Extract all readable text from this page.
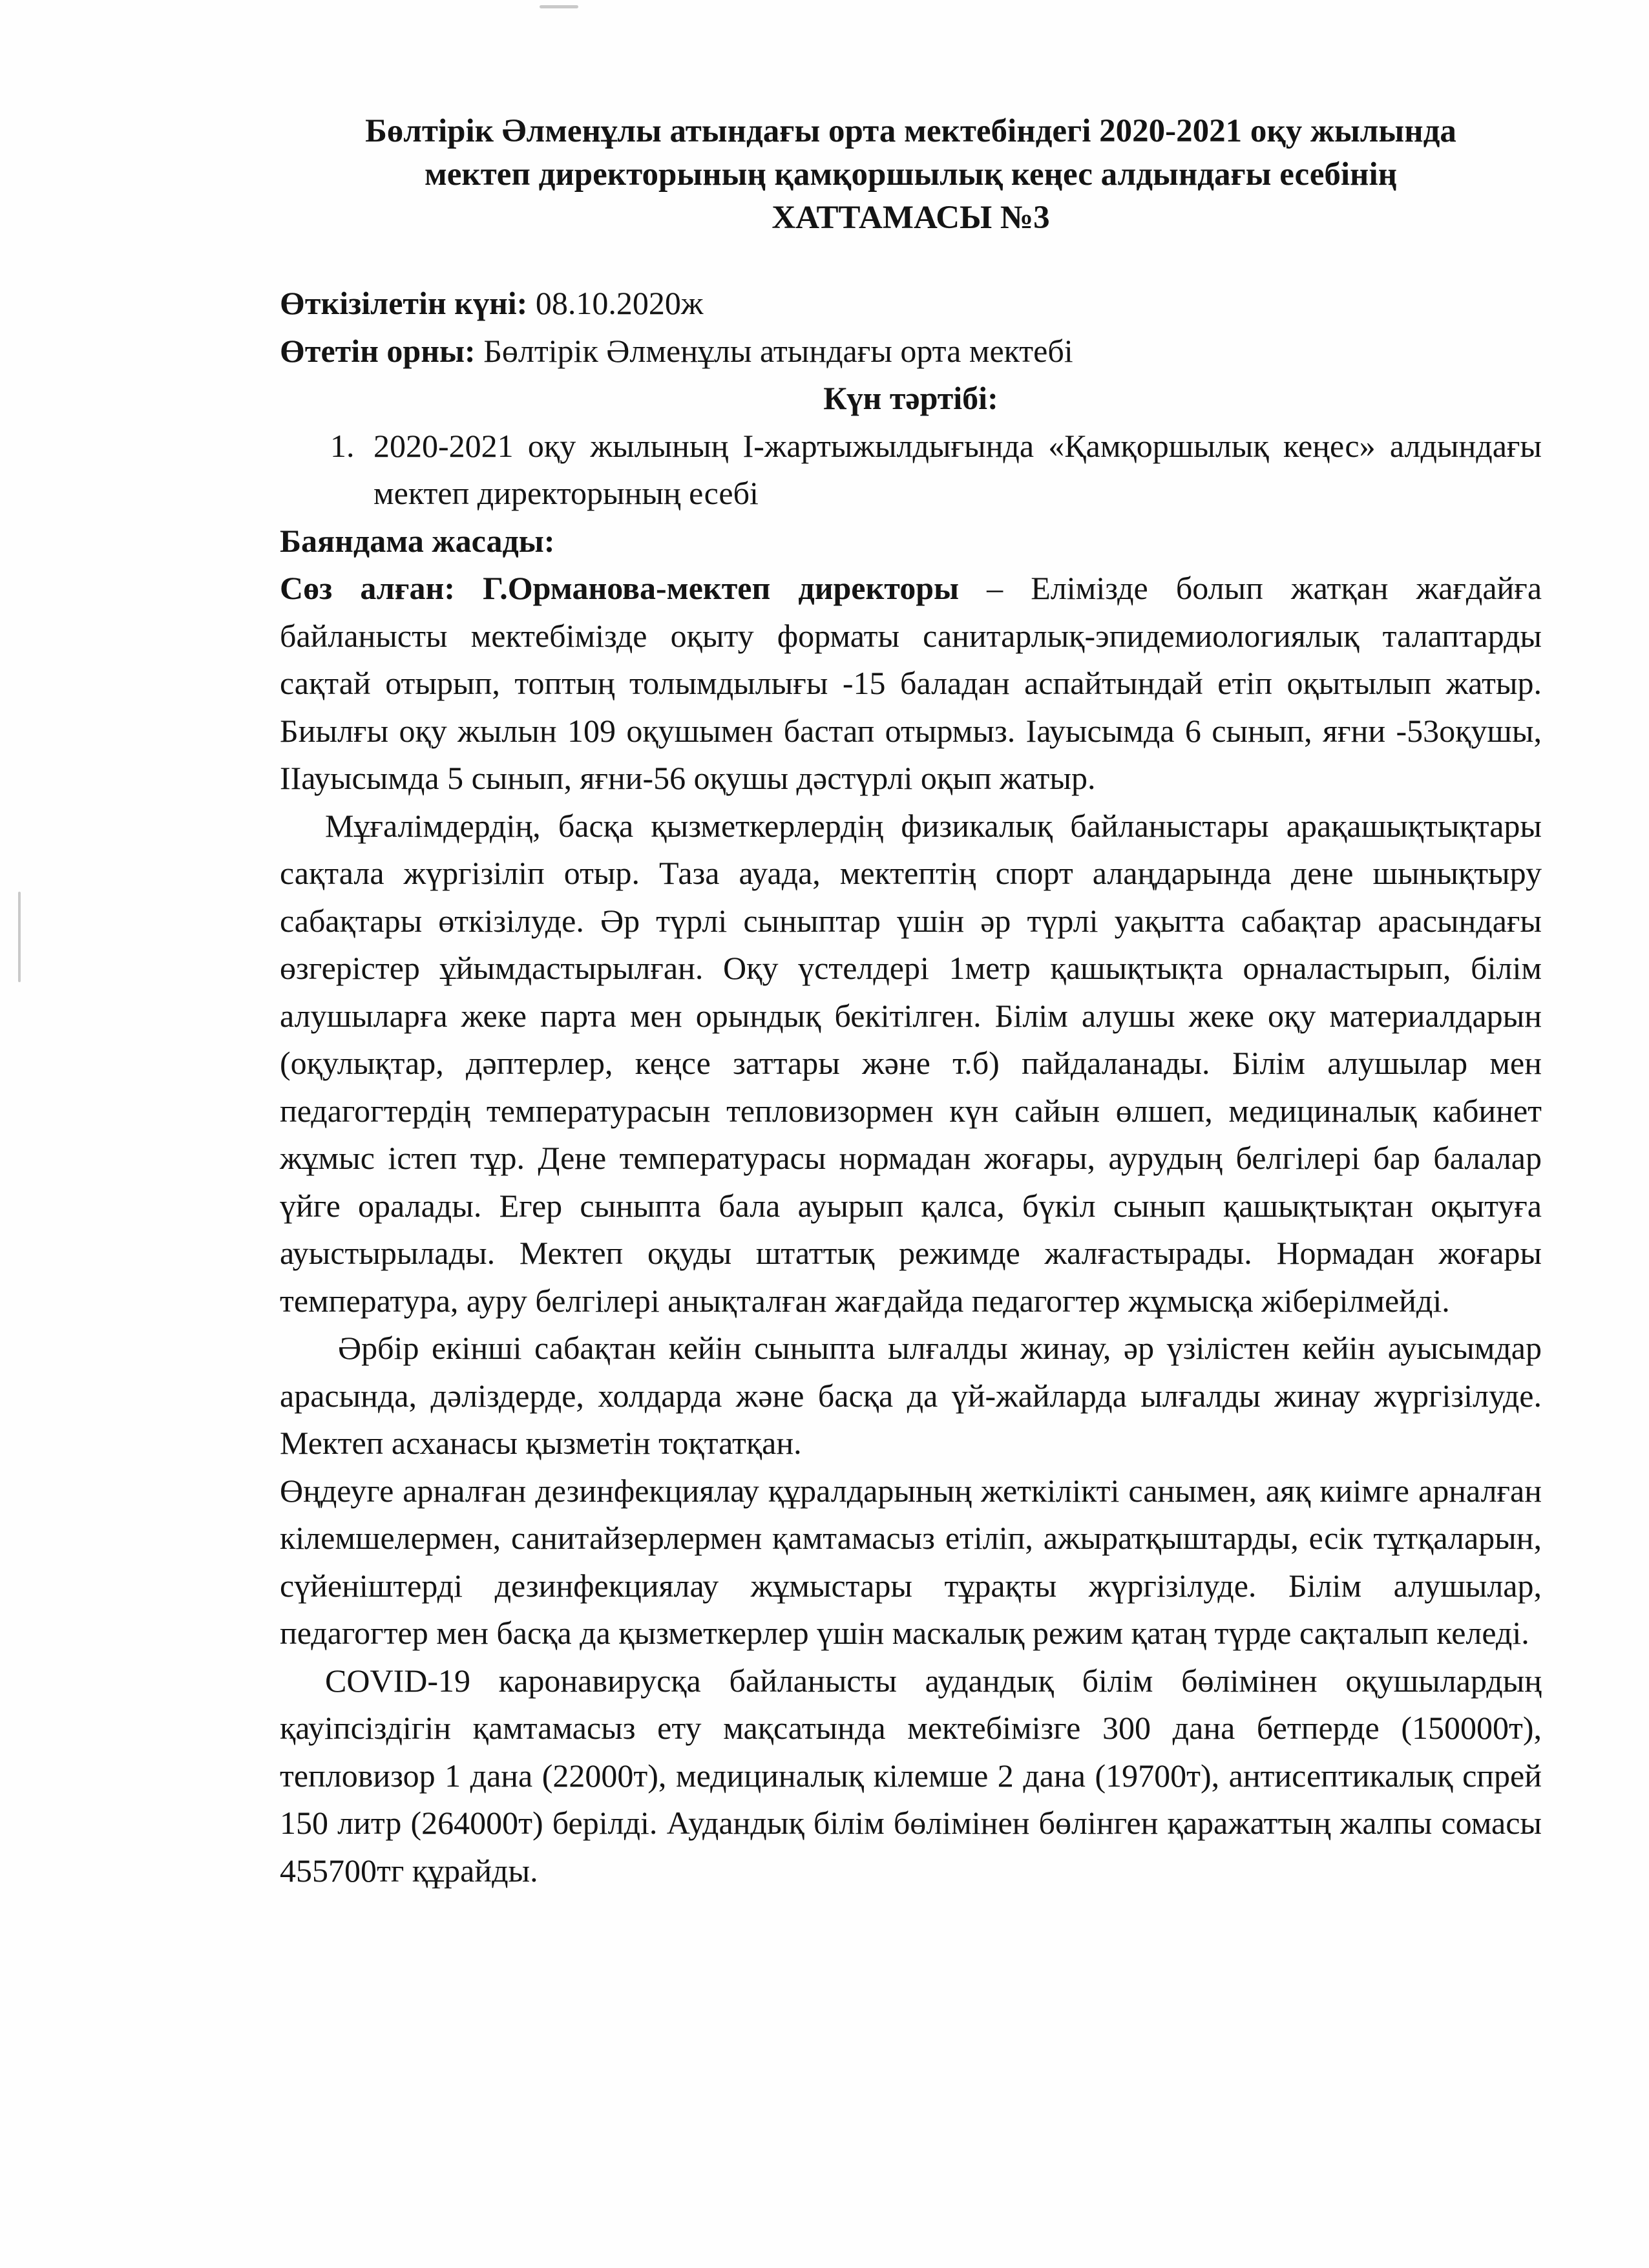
Бөлтірік Әлменұлы атындағы орта мектебіндегі 2020-2021 оқу жылында
мектеп директорының қамқоршылық кеңес алдындағы есебінің
ХАТТАМАСЫ №3

Өткізілетін күні: 08.10.2020ж

Өтетін орны: Бөлтірік Әлменұлы атындағы орта мектебі

Күн тәртібі:

1. 2020-2021 оқу жылының І-жартыжылдығында «Қамқоршылық кеңес» алдындағы мектеп директорының есебі

Баяндама жасады:

Сөз алған: Г.Орманова-мектеп директоры – Елімізде болып жатқан жағдайға байланысты мектебімізде оқыту форматы санитарлық-эпидемиологиялық талаптарды сақтай отырып, топтың толымдылығы -15 баладан аспайтындай етіп оқытылып жатыр. Биылғы оқу жылын 109 оқушымен бастап отырмыз. Іауысымда 6 сынып, яғни -53оқушы, ІІауысымда 5 сынып, яғни-56 оқушы дәстүрлі оқып жатыр.

Мұғалімдердің, басқа қызметкерлердің физикалық байланыстары арақашықтықтары сақтала жүргізіліп отыр. Таза ауада, мектептің спорт алаңдарында дене шынықтыру сабақтары өткізілуде. Әр түрлі сыныптар үшін әр түрлі уақытта сабақтар арасындағы өзгерістер ұйымдастырылған. Оқу үстелдері 1метр қашықтықта орналастырып, білім алушыларға жеке парта мен орындық бекітілген. Білім алушы жеке оқу материалдарын (оқулықтар, дәптерлер, кеңсе заттары және т.б) пайдаланады. Білім алушылар мен педагогтердің температурасын тепловизормен күн сайын өлшеп, медициналық кабинет жұмыс істеп тұр. Дене температурасы нормадан жоғары, аурудың белгілері бар балалар үйге оралады. Егер сыныпта бала ауырып қалса, бүкіл сынып қашықтықтан оқытуға ауыстырылады. Мектеп оқуды штаттық режимде жалғастырады. Нормадан жоғары температура, ауру белгілері анықталған жағдайда педагогтер жұмысқа жіберілмейді.

Әрбір екінші сабақтан кейін сыныпта ылғалды жинау, әр үзілістен кейін ауысымдар арасында, дәліздерде, холдарда және басқа да үй-жайларда ылғалды жинау жүргізілуде. Мектеп асханасы қызметін тоқтатқан.

Өңдеуге арналған дезинфекциялау құралдарының жеткілікті санымен, аяқ киімге арналған кілемшелермен, санитайзерлермен қамтамасыз етіліп, ажыратқыштарды, есік тұтқаларын, сүйеніштерді дезинфекциялау жұмыстары тұрақты жүргізілуде. Білім алушылар, педагогтер мен басқа да қызметкерлер үшін маскалық режим қатаң түрде сақталып келеді.

COVID-19 каронавирусқа байланысты аудандық білім бөлімінен оқушылардың қауіпсіздігін қамтамасыз ету мақсатында мектебімізге 300 дана бетперде (150000т), тепловизор 1 дана (22000т), медициналық кілемше 2 дана (19700т), антисептикалық спрей 150 литр (264000т) берілді. Аудандық білім бөлімінен бөлінген қаражаттың жалпы сомасы 455700тг құрайды.
